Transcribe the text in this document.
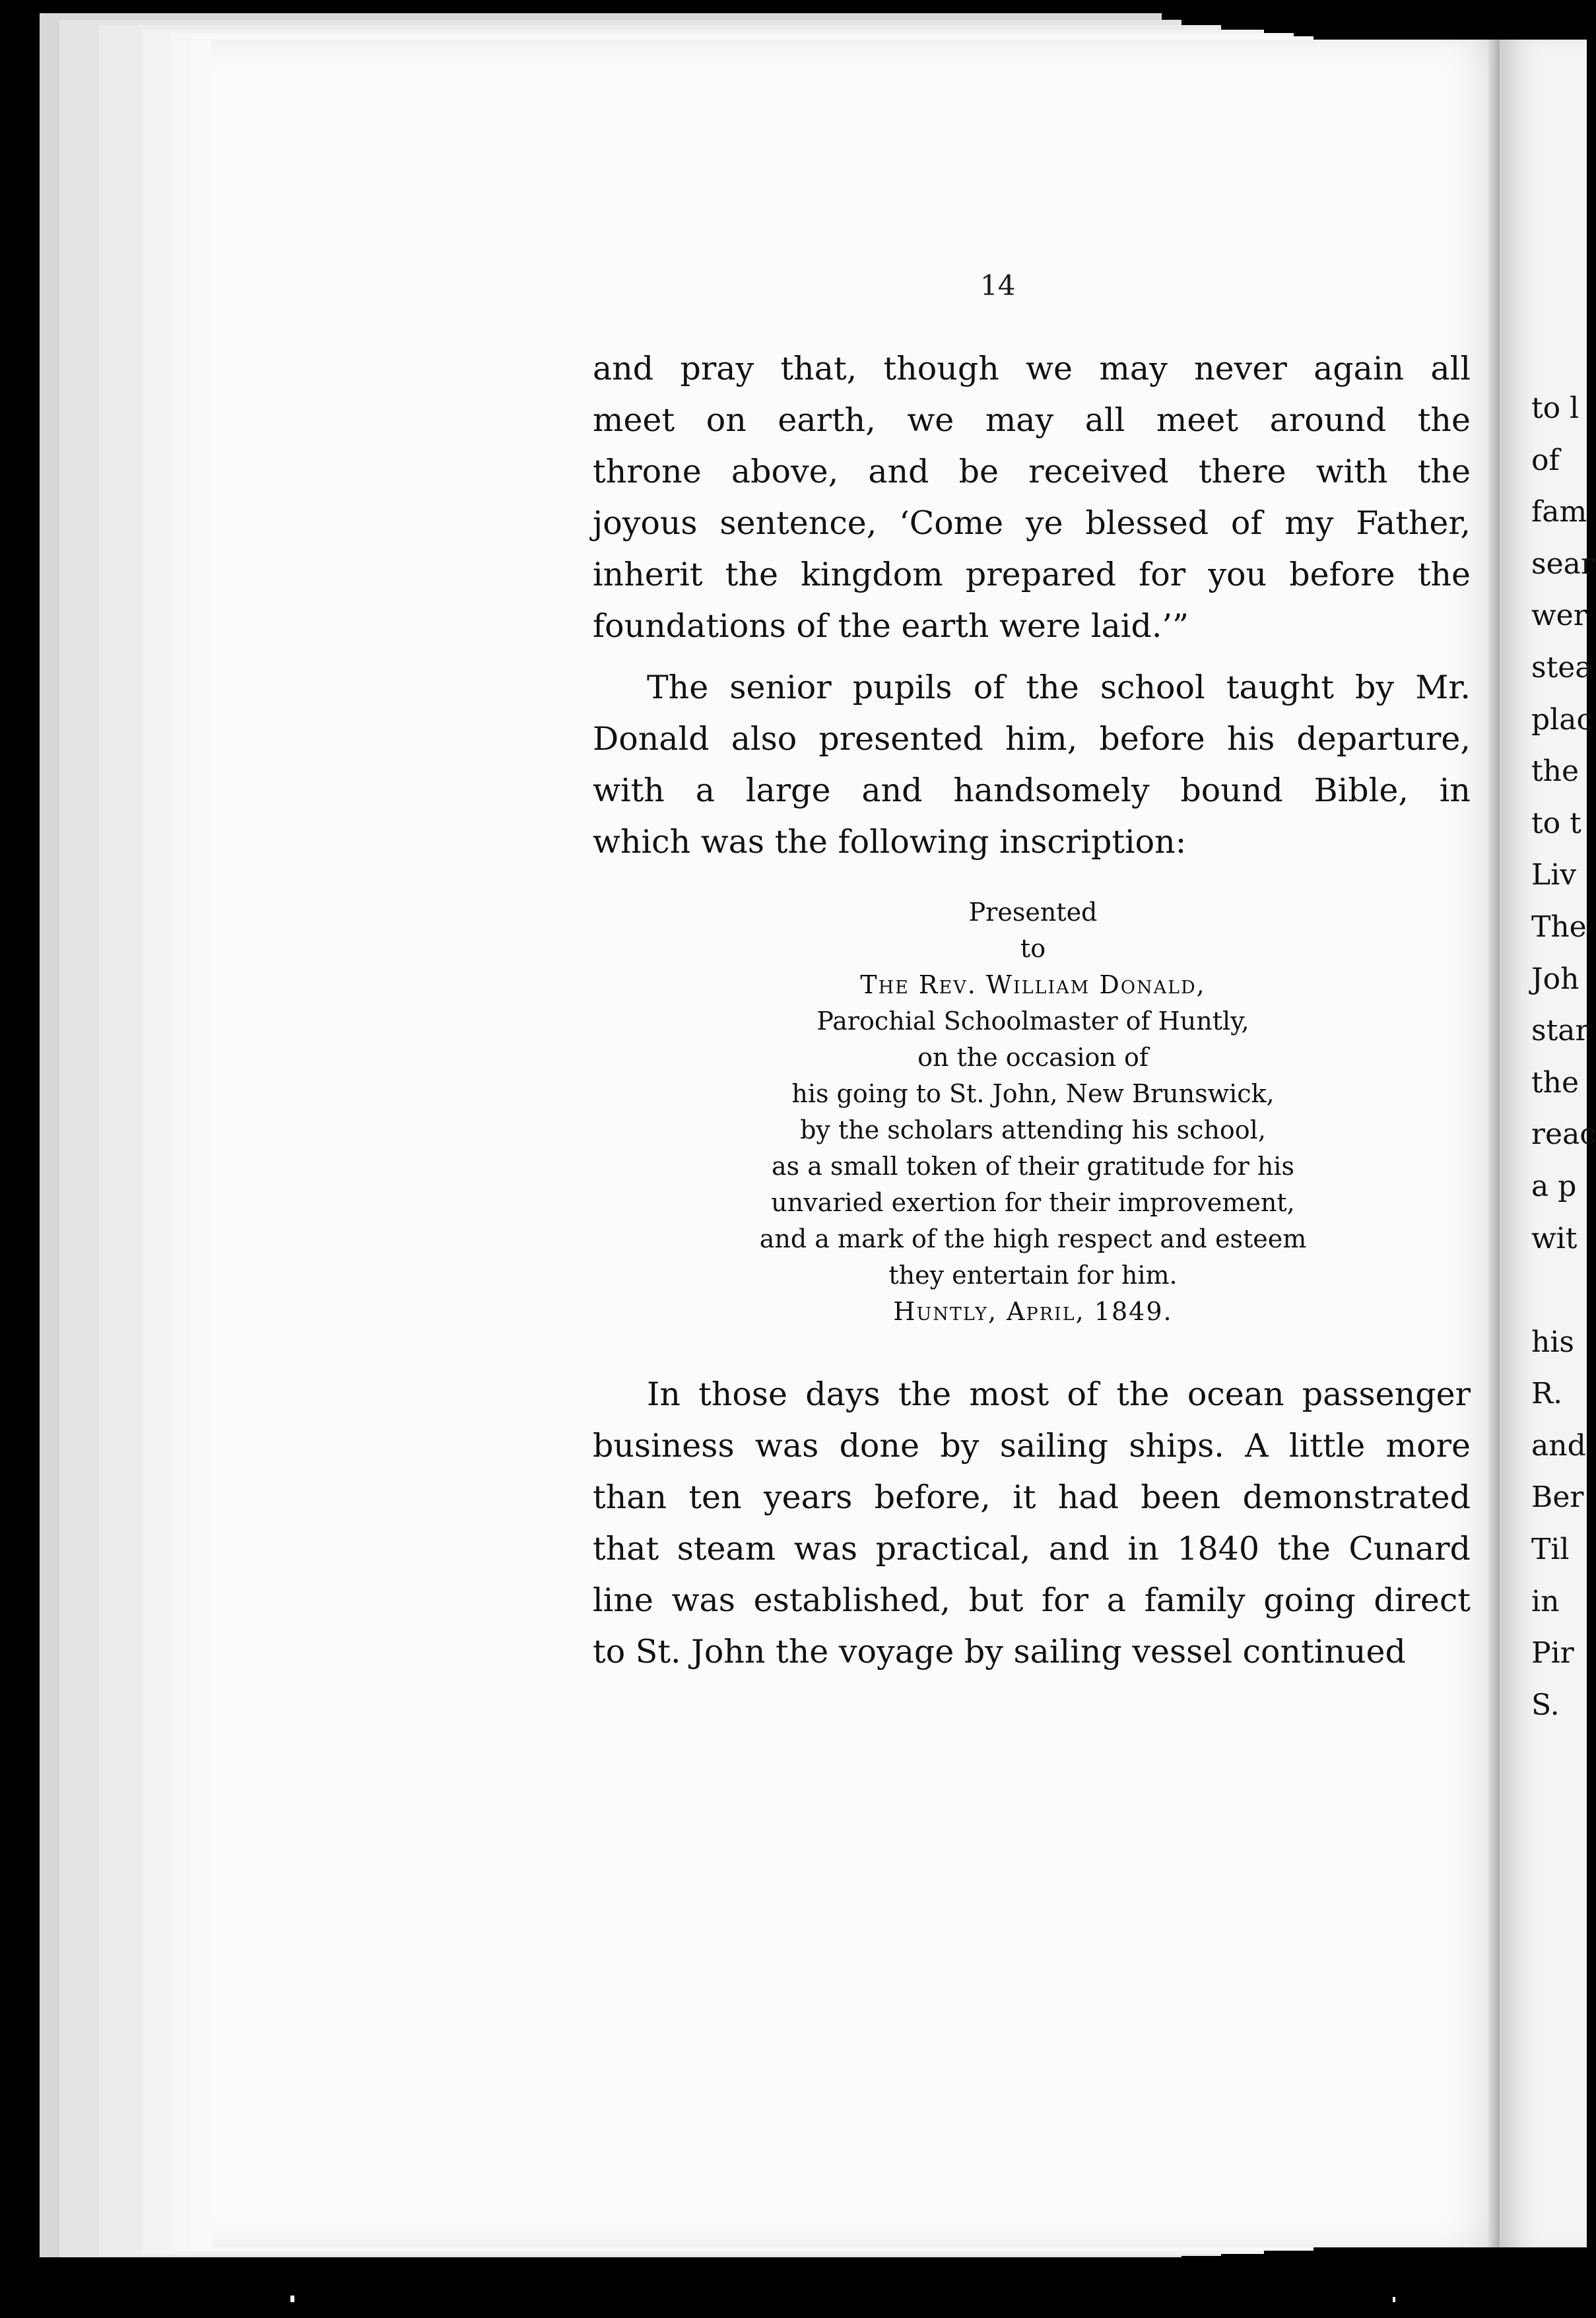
to l
of
fam
sear
wer
stea
plac
the
to t
Liv
The
Joh
star
the
reac
a p
wit

his
R.
and
Ber
Til
in
Pir
S.
14
and pray that, though we may never again all
meet on earth, we may all meet around the
throne above, and be received there with the
joyous sentence, ‘Come ye blessed of my Father,
inherit the kingdom prepared for you before the
foundations of the earth were laid.’”
The senior pupils of the school taught by Mr.
Donald also presented him, before his departure,
with a large and handsomely bound Bible, in
which was the following inscription:
Presented
to
The Rev. William Donald,
Parochial Schoolmaster of Huntly,
on the occasion of
his going to St. John, New Brunswick,
by the scholars attending his school,
as a small token of their gratitude for his
unvaried exertion for their improvement,
and a mark of the high respect and esteem
they entertain for him.
Huntly, April, 1849.
In those days the most of the ocean passenger
business was done by sailing ships. A little more
than ten years before, it had been demonstrated
that steam was practical, and in 1840 the Cunard
line was established, but for a family going direct
to St. John the voyage by sailing vessel continued
